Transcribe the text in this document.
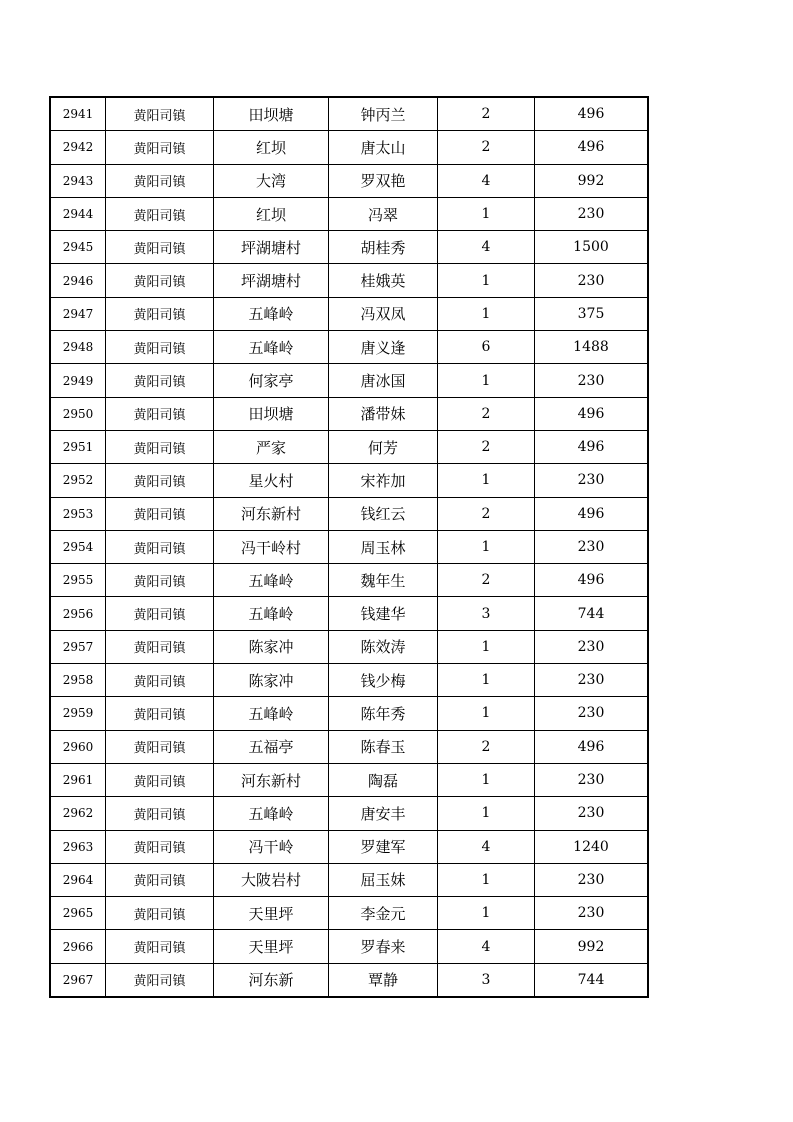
2941	黄阳司镇	田坝塘	钟丙兰	2	496
2942	黄阳司镇	红坝	唐太山	2	496
2943	黄阳司镇	大湾	罗双艳	4	992
2944	黄阳司镇	红坝	冯翠	1	230
2945	黄阳司镇	坪湖塘村	胡桂秀	4	1500
2946	黄阳司镇	坪湖塘村	桂娥英	1	230
2947	黄阳司镇	五峰岭	冯双凤	1	375
2948	黄阳司镇	五峰岭	唐义逢	6	1488
2949	黄阳司镇	何家亭	唐冰国	1	230
2950	黄阳司镇	田坝塘	潘带妹	2	496
2951	黄阳司镇	严家	何芳	2	496
2952	黄阳司镇	星火村	宋祚加	1	230
2953	黄阳司镇	河东新村	钱红云	2	496
2954	黄阳司镇	冯干岭村	周玉林	1	230
2955	黄阳司镇	五峰岭	魏年生	2	496
2956	黄阳司镇	五峰岭	钱建华	3	744
2957	黄阳司镇	陈家冲	陈效涛	1	230
2958	黄阳司镇	陈家冲	钱少梅	1	230
2959	黄阳司镇	五峰岭	陈年秀	1	230
2960	黄阳司镇	五福亭	陈春玉	2	496
2961	黄阳司镇	河东新村	陶磊	1	230
2962	黄阳司镇	五峰岭	唐安丰	1	230
2963	黄阳司镇	冯干岭	罗建军	4	1240
2964	黄阳司镇	大陂岩村	屈玉妹	1	230
2965	黄阳司镇	天里坪	李金元	1	230
2966	黄阳司镇	天里坪	罗春来	4	992
2967	黄阳司镇	河东新	覃静	3	744
